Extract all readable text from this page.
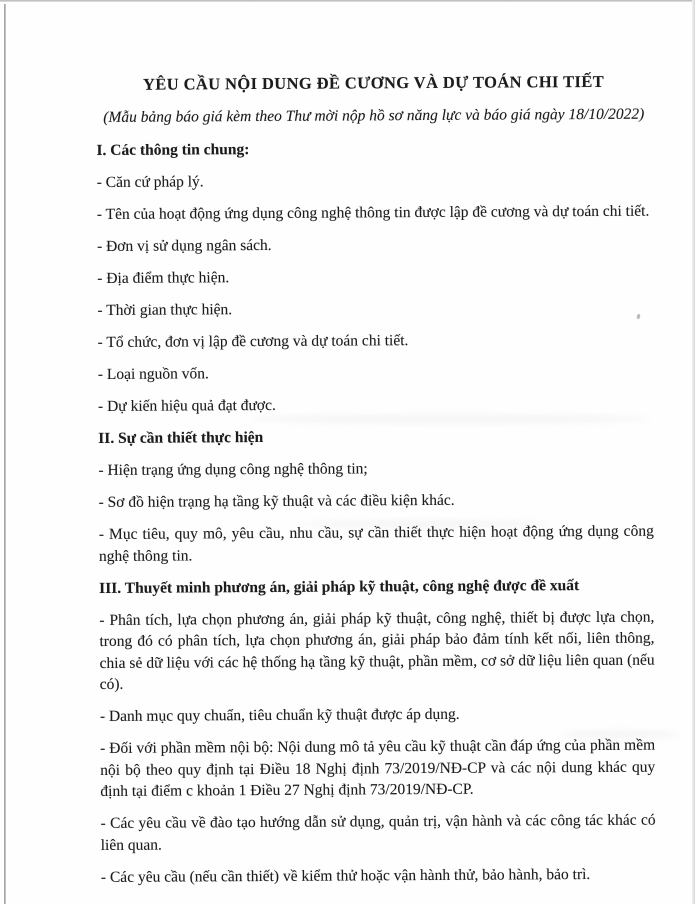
YÊU CẦU NỘI DUNG ĐỀ CƯƠNG VÀ DỰ TOÁN CHI TIẾT

(Mẫu bảng báo giá kèm theo Thư mời nộp hồ sơ năng lực và báo giá ngày 18/10/2022)

I. Các thông tin chung:

- Căn cứ pháp lý.

- Tên của hoạt động ứng dụng công nghệ thông tin được lập đề cương và dự toán chi tiết.

- Đơn vị sử dụng ngân sách.

- Địa điểm thực hiện.

- Thời gian thực hiện.

- Tổ chức, đơn vị lập đề cương và dự toán chi tiết.

- Loại nguồn vốn.

- Dự kiến hiệu quả đạt được.

II. Sự cần thiết thực hiện

- Hiện trạng ứng dụng công nghệ thông tin;

- Sơ đồ hiện trạng hạ tầng kỹ thuật và các điều kiện khác.

- Mục tiêu, quy mô, yêu cầu, nhu cầu, sự cần thiết thực hiện hoạt động ứng dụng công nghệ thông tin.

III. Thuyết minh phương án, giải pháp kỹ thuật, công nghệ được đề xuất

- Phân tích, lựa chọn phương án, giải pháp kỹ thuật, công nghệ, thiết bị được lựa chọn, trong đó có phân tích, lựa chọn phương án, giải pháp bảo đảm tính kết nối, liên thông, chia sẻ dữ liệu với các hệ thống hạ tầng kỹ thuật, phần mềm, cơ sở dữ liệu liên quan (nếu có).

- Danh mục quy chuẩn, tiêu chuẩn kỹ thuật được áp dụng.

- Đối với phần mềm nội bộ: Nội dung mô tả yêu cầu kỹ thuật cần đáp ứng của phần mềm nội bộ theo quy định tại Điều 18 Nghị định 73/2019/NĐ-CP và các nội dung khác quy định tại điểm c khoản 1 Điều 27 Nghị định 73/2019/NĐ-CP.

- Các yêu cầu về đào tạo hướng dẫn sử dụng, quản trị, vận hành và các công tác khác có liên quan.

- Các yêu cầu (nếu cần thiết) về kiểm thử hoặc vận hành thử, bảo hành, bảo trì.
